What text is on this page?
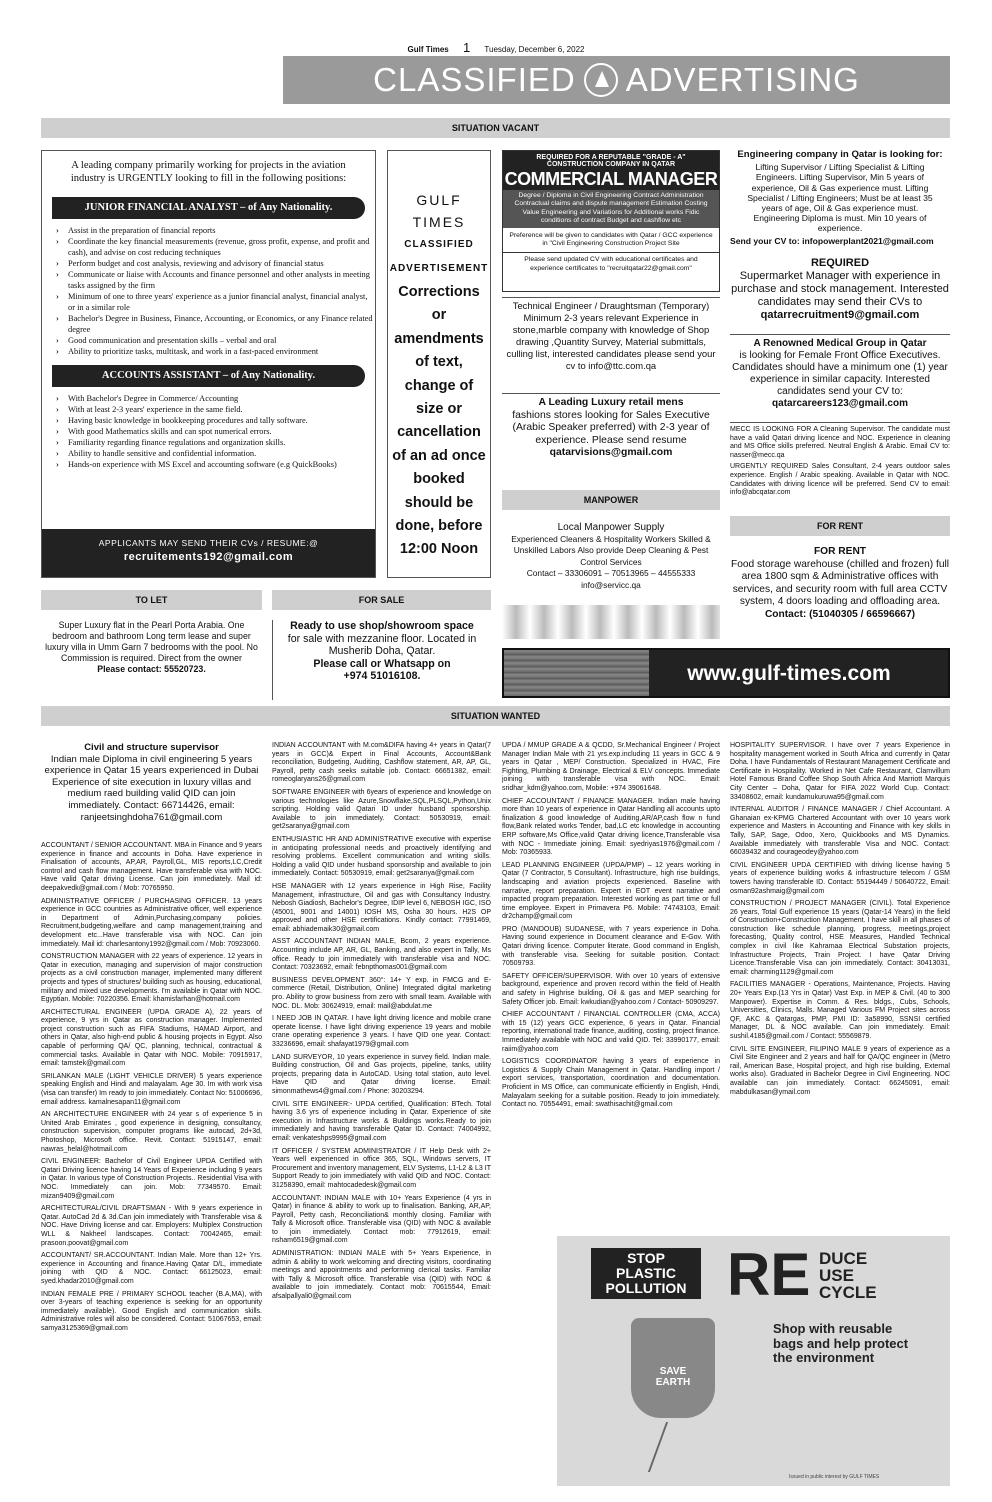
Gulf Times 1 Tuesday, December 6, 2022
CLASSIFIED ADVERTISING
SITUATION VACANT
A leading company primarily working for projects in the aviation industry is URGENTLY looking to fill in the following positions:
JUNIOR FINANCIAL ANALYST – of Any Nationality.
› Assist in the preparation of financial reports
› Coordinate the key financial measurements (revenue, gross profit, expense, and profit and cash), and advise on cost reducing techniques
› Perform budget and cost analysis, reviewing and advisory of financial status
› Communicate or liaise with Accounts and finance personnel and other analysts in meeting tasks assigned by the firm
› Minimum of one to three years' experience as a junior financial analyst, financial analyst, or in a similar role
› Bachelor's Degree in Business, Finance, Accounting, or Economics, or any Finance related degree
› Good communication and presentation skills – verbal and oral
› Ability to prioritize tasks, multitask, and work in a fast-paced environment
ACCOUNTS ASSISTANT – of Any Nationality.
› With Bachelor's Degree in Commerce/ Accounting
› With at least 2-3 years' experience in the same field.
› Having basic knowledge in bookkeeping procedures and tally software.
› With good Mathematics skills and can spot numerical errors.
› Familiarity regarding finance regulations and organization skills.
› Ability to handle sensitive and confidential information.
› Hands-on experience with MS Excel and accounting software (e.g QuickBooks)
APPLICANTS MAY SEND THEIR CVs / RESUME:@
recruitements192@gmail.com
GULF
TIMES
CLASSIFIED
ADVERTISEMENT
Corrections or amendments of text, change of size or cancellation of an ad once booked should be done, before 12:00 Noon
REQUIRED FOR A REPUTABLE "GRADE - A" CONSTRUCTION COMPANY IN QATAR
COMMERCIAL MANAGER
Degree / Diploma in Civil Engineering Contract Administration Contractual claims and dispute management Estimation Costing Value Engineering and Variations for Additional works Fidic conditions of contract Budget and cashflow etc
Preference will be given to candidates with Qatar / GCC experience in "Civil Engineering Construction Project Site
Please send updated CV with educational certificates and experience certificates to "recruitqatar22@gmail.com"
Engineering company in Qatar is looking for:
Lifting Supervisor / Lifting Specialist & Lifting Engineers. Lifting Supervisor, Min 5 years of experience, Oil & Gas experience must. Lifting Specialist / Lifting Engineers; Must be at least 35 years of age, Oil & Gas experience must. Engineering Diploma is must. Min 10 years of experience.
Send your CV to: infopowerplant2021@gmail.com
REQUIRED
Supermarket Manager with experience in purchase and stock management. Interested candidates may send their CVs to
qatarrecruitment9@gmail.com
A Renowned Medical Group in Qatar
is looking for Female Front Office Executives. Candidates should have a minimum one (1) year experience in similar capacity. Interested candidates send your CV to:
qatarcareers123@gmail.com

MECC IS LOOKING FOR A Cleaning Supervisor. The candidate must have a valid Qatari driving licence and NOC. Experience in cleaning and MS Office skills preferred. Neutral English & Arabic. Email CV to: nasser@mecc.qa

URGENTLY REQUIRED Sales Consultant, 2-4 years outdoor sales experience. English / Arabic speaking. Available in Qatar with NOC. Candidates with driving licence will be preferred. Send CV to email: info@abcqatar.com

FOR RENT
FOR RENT
Food storage warehouse (chilled and frozen) full area 1800 sqm & Administrative offices with services, and security room with full area CCTV system, 4 doors loading and offloading area.
Contact: (51040305 / 66596667)
Technical Engineer / Draughtsman (Temporary)
Minimum 2-3 years relevant Experience in stone,marble company with knowledge of Shop drawing ,Quantity Survey, Material submittals, culling list, interested candidates please send your cv to info@ttc.com.qa
A Leading Luxury retail mens
fashions stores looking for Sales Executive (Arabic Speaker preferred) with 2-3 year of experience. Please send resume
qatarvisions@gmail.com
MANPOWER
Local Manpower Supply
Experienced Cleaners & Hospitality Workers Skilled & Unskilled Labors Also provide Deep Cleaning & Pest Control Services
Contact – 33306091 – 70513965 – 44555333
info@servicc.qa
TO LET	FOR SALE
Super Luxury flat in the Pearl Porta Arabia. One bedroom and bathroom Long term lease and super luxury villa in Umm Garn 7 bedrooms with the pool. No Commission is required. Direct from the owner
Please contact: 55520723.
Ready to use shop/showroom space
for sale with mezzanine floor. Located in Musherib Doha, Qatar.
Please call or Whatsapp on
+974 51016108.	www.gulf-times.com
SITUATION WANTED
Civil and structure supervisor
Indian male Diploma in civil engineering 5 years experience in Qatar 15 years experienced in Dubai Experience of site execution in luxury villas and medium raed building valid QID can join immediately. Contact: 66714426, email: ranjeetsinghdoha761@gmail.com

ACCOUNTANT / SENIOR ACCOUNTANT. MBA in Finance and 9 years experience in finance and accounts in Doha. Have experience in Finalisation of accounts, AP,AR, Payroll,GL, MIS reports,LC,Credit control and cash flow management. Have transferable visa with NOC. Have valid Qatar driving License. Can join immediately. Mail id: deepakvedk@gmail.com / Mob: 70765950.

ADMINISTRATIVE OFFICER / PURCHASING OFFICER. 13 years experience in GCC countries as Administrative officer, well experience in Department of Admin,Purchasing,company policies. Recruitment,budgeting,welfare and camp management,training and development etc...Have transferable visa with NOC. Can join immediately. Mail id: charlesantony1992@gmail.com / Mob: 70923060.

CONSTRUCTION MANAGER with 22 years of experience. 12 years in Qatar in execution, managing and supervision of major construction projects as a civil construction manager, implemented many different projects and types of structures/ building such as housing, educational, military and mixed use developments. I'm available in Qatar with NOC. Egyptian. Mobile: 70220356. Email: khamisfarhan@hotmail.com

ARCHITECTURAL ENGINEER (UPDA GRADE A), 22 years of experience, 9 yrs in Qatar as construction manager. Implemented project construction such as FIFA Stadiums, HAMAD Airport, and others in Qatar, also high-end public & housing projects in Egypt. Also capable of performing QA/ QC, planning, technical, contractual & commercial tasks. Available in Qatar with NOC. Mobile: 70915917, email: tamstek@gmail.com

SRILANKAN MALE (LIGHT VEHICLE DRIVER) 5 years experience speaking English and Hindi and malayalam. Age 30. Im with work visa (visa can transfer) Im ready to join immediately. Contact No: 51006696, email address. kamalnesapan11@gmail.com

AN ARCHITECTURE ENGINEER with 24 year s of experience 5 in United Arab Emirates , good experience in designing, consultancy, construction supervision, computer programs like autocad, 2d+3d, Photoshop, Microsoft office. Revit. Contact: 51915147, email: nawras_helal@hotmail.com

CIVIL ENGINEER: Bachelor of Civil Engineer UPDA Certified with Qatari Driving licence having 14 Years of Experience including 9 years in Qatar. In various type of Construction Projects.. Residential Visa with NOC. Immediately can join. Mob: 77349570. Email: mizan9409@gmail.com

ARCHITECTURAL/CIVIL DRAFTSMAN - With 9 years experience in Qatar. AutoCad 2d & 3d.Can join immediately with Transferable visa & NOC. Have Driving license and car. Employers: Multiplex Construction WLL & Nakheel landscapes. Contact: 70042465, email: prasoon.poovat@gmail.com

ACCOUNTANT/ SR.ACCOUNTANT. Indian Male. More than 12+ Yrs. experience in Accounting and finance.Having Qatar D/L, immediate joining with QID & NOC. Contact: 66125023, email: syed.khadar2010@gmail.com

INDIAN FEMALE PRE / PRIMARY SCHOOL teacher (B.A,MA), with over 3-years of teaching experience is seeking for an opportunity immediately available). Good English and communication skills. Administrative roles will also be considered. Contact: 51067653, email: samya3125369@gmail.com

INDIAN ACCOUNTANT with M.com&DIFA having 4+ years in Qatar(7 years in GCC)& Expert in Final Accounts, Account&Bank reconciliation, Budgeting, Auditing, Cashflow statement, AR, AP, GL, Payroll, petty cash seeks suitable job. Contact: 66651382, email: romeoglaryans26@gmail.com

SOFTWARE ENGINEER with 6years of experience and knowledge on various technologies like Azure,Snowflake,SQL,PLSQL,Python,Unix scripting. Holding valid Qatari ID under husband sponsorship. Available to join immediately. Contact: 50530919, email: get2saranya@gmail.com

ENTHUSIASTIC HR AND ADMINISTRATIVE executive with expertise in anticipating professional needs and proactively identifying and resolving problems. Excellent communication and writing skills. Holding a valid QID under husband sponsorship and available to join immediately. Contact: 50530919, email: get2saranya@gmail.com

HSE MANAGER with 12 years experience in High Rise, Facility Management, infrastructure, Oil and gas with Consultancy Industry. Nebosh Giadiosh, Bachelor's Degree, IDIP level 6, NEBOSH IGC, ISO (45001, 9001 and 14001) IOSH MS, Osha 30 hours. H2S OP approved and other HSE certifications. Kindly contact: 77991469, email: abhiademaik30@gmail.com

ASST ACCOUNTANT INDIAN MALE, Bcom, 2 years experience. Accounting include AP, AR, GL, Banking, and also expert in Tally, Ms office. Ready to join immediately with transferable visa and NOC. Contact: 70323692, email: febnpthomas001@gmail.com

BUSINESS DEVELOPMENT 360°: 14+ Y exp. in FMCG and E-commerce (Retail, Distribution, Online) Integrated digital marketing pro. Ability to grow business from zero with small team. Available with NOC. DL. Mob: 30624919, email: mail@abdulat.me

I NEED JOB IN QATAR. I have light driving licence and mobile crane operate license. I have light driving experience 19 years and mobile crane operating experience 3 years. I have QID one year. Contact: 33236696, email: shafayat1979@gmail.com

LAND SURVEYOR, 10 years experience in survey field. Indian male. Building construction, Oil and Gas projects, pipeline, tanks, utility projects, preparing data in AutoCAD. Using total station, auto level. Have QID and Qatar driving license. Email: simonmathews4@gmail.com / Phone: 30203294.

CIVIL SITE ENGINEER:- UPDA certified, Qualification: BTech. Total having 3.6 yrs of experience including in Qatar. Experience of site execution in Infrastructure works & Buildings works.Ready to join immediately and having transferable Qatar ID. Contact: 74004992, email: venkateshps9995@gmail.com

IT OFFICER / SYSTEM ADMINISTRATOR / IT Help Desk with 2+ Years well experienced in office 365, SQL, Windows servers, IT Procurement and inventory management, ELV Systems, L1-L2 & L3 IT Support Ready to join immediately with valid QID and NOC. Contact: 31258390, email: mahtocadedesk@gmail.com

ACCOUNTANT: INDIAN MALE with 10+ Years Experience (4 yrs in Qatar) in finance & ability to work up to finalisation. Banking, AR,AP, Payroll, Petty cash, Reconciliation& monthly closing. Familiar with Tally & Microsoft office. Transferable visa (QID) with NOC & available to join immediately. Contact mob: 77912619, email: nsham6519@gmail.com

ADMINISTRATION: INDIAN MALE with 5+ Years Experience, in admin & ability to work welcoming and directing visitors, coordinating meetings and appointments and performing clerical tasks. Familiar with Tally & Microsoft office. Transferable visa (QID) with NOC & available to join immediately. Contact mob: 70615544, Email: afsalpallyali0@gmail.com

UPDA / MMUP GRADE A & QCDD, Sr.Mechanical Engineer / Project Manager Indian Male with 21 yrs.exp.including 11 years in GCC & 9 years in Qatar , MEP/ Construction. Specialized in HVAC, Fire Fighting, Plumbing & Drainage, Electrical & ELV concepts. Immediate joining with transferable visa with NOC. Email: sridhar_kdm@yahoo.com, Mobile: +974 39061648.

CHIEF ACCOUNTANT / FINANCE MANAGER. Indian male having more than 10 years of experience in Qatar Handling all accounts upto finalization & good knowledge of Auditing,AR/AP,cash flow n fund flow,Bank related works Tender, bad,LC etc knowledge in accounting ERP software,Ms Office,valid Qatar driving licence,Transferable visa with NOC - Immediate joining. Email: syedriyas1976@gmail.com / Mob: 70365933.

LEAD PLANNING ENGINEER (UPDA/PMP) – 12 years working in Qatar (7 Contractor, 5 Consultant). Infrastructure, high rise buildings, landscaping and aviation projects experienced. Baseline with narrative, report preparation. Expert in EOT event narrative and impacted program preparation. Interested working as part time or full time employee. Expert in Primavera P6. Mobile: 74743103, Email: dr2champ@gmail.com

PRO (MANDOUB) SUDANESE, with 7 years experience in Doha. Having sound experience in Document clearance and E-Gov. With Qatari driving licence. Computer literate. Good command in English, with transferable visa. Seeking for suitable position. Contact: 70509793.

SAFETY OFFICER/SUPERVISOR. With over 10 years of extensive background, experience and proven record within the field of Health and safety in Highrise building, Oil & gas and MEP searching for Safety Officer job. Email: kwkudian@yahoo.com / Contact- 50909297.

CHIEF ACCOUNTANT / FINANCIAL CONTROLLER (CMA, ACCA) with 15 (12) years GCC experience, 6 years in Qatar. Financial reporting, international trade finance, auditing, costing, project finance. Immediately available with NOC and valid QID. Tel: 33990177, email: raiim@yahoo.com

LOGISTICS COORDINATOR having 3 years of experience in Logistics & Supply Chain Management in Qatar. Handling import / export services, transportation, coordination and documentation. Proficient in MS Office, can communicate efficiently in English, Hindi, Malayalam seeking for a suitable position. Ready to join immediately. Contact no. 70554491, email: swathisachit@gmail.com

HOSPITALITY SUPERVISOR. I have over 7 years Experience in hospitality management worked in South Africa and currently in Qatar Doha. I have Fundamentals of Restaurant Management Certificate and Certificate in Hospitality. Worked in Net Cafe Restaurant, Clamvillum Hotel Famous Brand Coffee Shop South Africa And Marriott Marquis City Center – Doha, Qatar for FIFA 2022 World Cup. Contact: 33408602, email: kundamukuruwa95@gmail.com

INTERNAL AUDITOR / FINANCE MANAGER / Chief Accountant. A Ghanaian ex-KPMG Chartered Accountant with over 10 years work experience and Masters in Accounting and Finance with key skills in Tally, SAP, Sage, Odoo, Xero, Quickbooks and MS Dynamics. Available immediately with transferable Visa and NOC. Contact: 66039432 and courageodey@yahoo.com

CIVIL ENGINEER UPDA CERTIFIED with driving license having 5 years of experience building works & infrastructure telecom / GSM towers having transferable ID. Contact: 55194449 / 50640722, Email: osman92ashmaig@gmail.com

CONSTRUCTION / PROJECT MANAGER (CIVIL). Total Experience 26 years, Total Gulf experience 15 years (Qatar-14 Years) in the field of Construction+Construction Management. I have skill in all phases of construction like schedule planning, progress, meetings,project forecasting, Quality control, HSE Measures, Handled Technical complex in civil like Kahramaa Electrical Substation projects, Infrastructure Projects, Train Project. I have Qatar Driving Licence.Transferable Visa can join immediately. Contact: 30413031, email: charming1129@gmail.com

FACILITIES MANAGER - Operations, Maintenance, Projects. Having 20+ Years Exp.(13 Yrs in Qatar) Vast Exp. in MEP & Civil. (40 to 300 Manpower). Expertise in Comm. & Res. bldgs., Cubs, Schools, Universities, Clinics, Malls. Managed Various FM Project sites across QF, AKC & Qatargas, PMP, PMI ID: 3a58990, SSNSI certified Manager, DL & NOC available. Can join immediately. Email: sushil.4185@gmail.com / Contact: 55569879.

CIVIL SITE ENGINEER, FILIPINO MALE 9 years of experience as a Civil Site Engineer and 2 years and half for QA/QC engineer in (Metro rail, American Base, Hospital project, and high rise building, External works also). Graduated in Bachelor Degree in Civil Engineering. NOC available can join immediately. Contact: 66245091, email: mabdulkasan@ymail.com

STOP
PLASTIC
POLLUTION RE DUCE
USE
CYCLE
SAVE
EARTH
Shop with reusable bags and help protect the environment
Issued in public interest by GULF TIMES
